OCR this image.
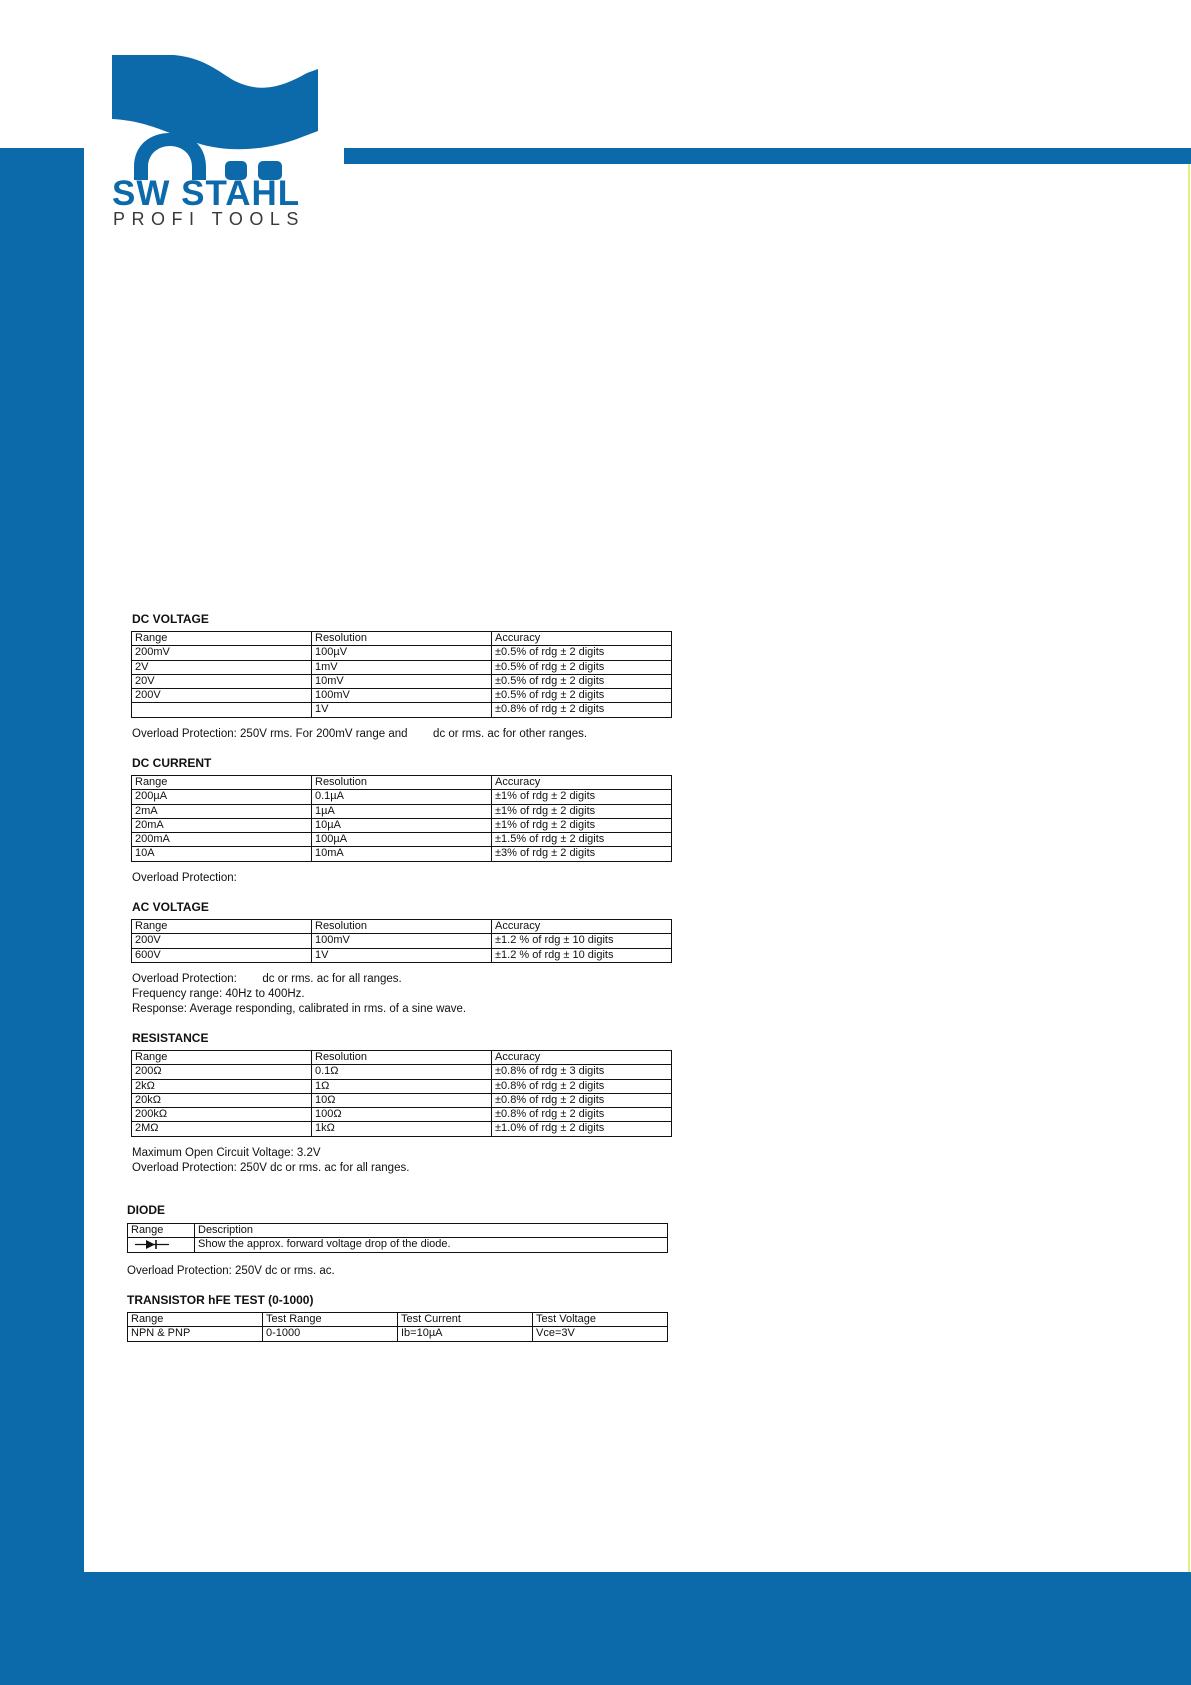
SW STAHL
PROFI TOOLS
DC VOLTAGE
Range	Resolution	Accuracy
200mV	100µV	±0.5% of rdg ± 2 digits
2V	1mV	±0.5% of rdg ± 2 digits
20V	10mV	±0.5% of rdg ± 2 digits
200V	100mV	±0.5% of rdg ± 2 digits
	1V	±0.8% of rdg ± 2 digits
Overload Protection: 250V rms. For 200mV range and        dc or rms. ac for other ranges.
DC CURRENT
Range	Resolution	Accuracy
200µA	0.1µA	±1% of rdg ± 2 digits
2mA	1µA	±1% of rdg ± 2 digits
20mA	10µA	±1% of rdg ± 2 digits
200mA	100µA	±1.5% of rdg ± 2 digits
10A	10mA	±3% of rdg ± 2 digits
Overload Protection:
AC VOLTAGE
Range	Resolution	Accuracy
200V	100mV	±1.2 % of rdg ± 10 digits
600V	1V	±1.2 % of rdg ± 10 digits
Overload Protection:        dc or rms. ac for all ranges.
Frequency range: 40Hz to 400Hz.
Response: Average responding, calibrated in rms. of a sine wave.
RESISTANCE
Range	Resolution	Accuracy
200Ω	0.1Ω	±0.8% of rdg ± 3 digits
2kΩ	1Ω	±0.8% of rdg ± 2 digits
20kΩ	10Ω	±0.8% of rdg ± 2 digits
200kΩ	100Ω	±0.8% of rdg ± 2 digits
2MΩ	1kΩ	±1.0% of rdg ± 2 digits
Maximum Open Circuit Voltage: 3.2V
Overload Protection: 250V dc or rms. ac for all ranges.
DIODE
Range	Description

	Show the approx. forward voltage drop of the diode.
Overload Protection: 250V dc or rms. ac.
TRANSISTOR hFE TEST (0-1000)
Range	Test Range	Test Current	Test Voltage
NPN & PNP	0-1000	Ib=10µA	Vce=3V
